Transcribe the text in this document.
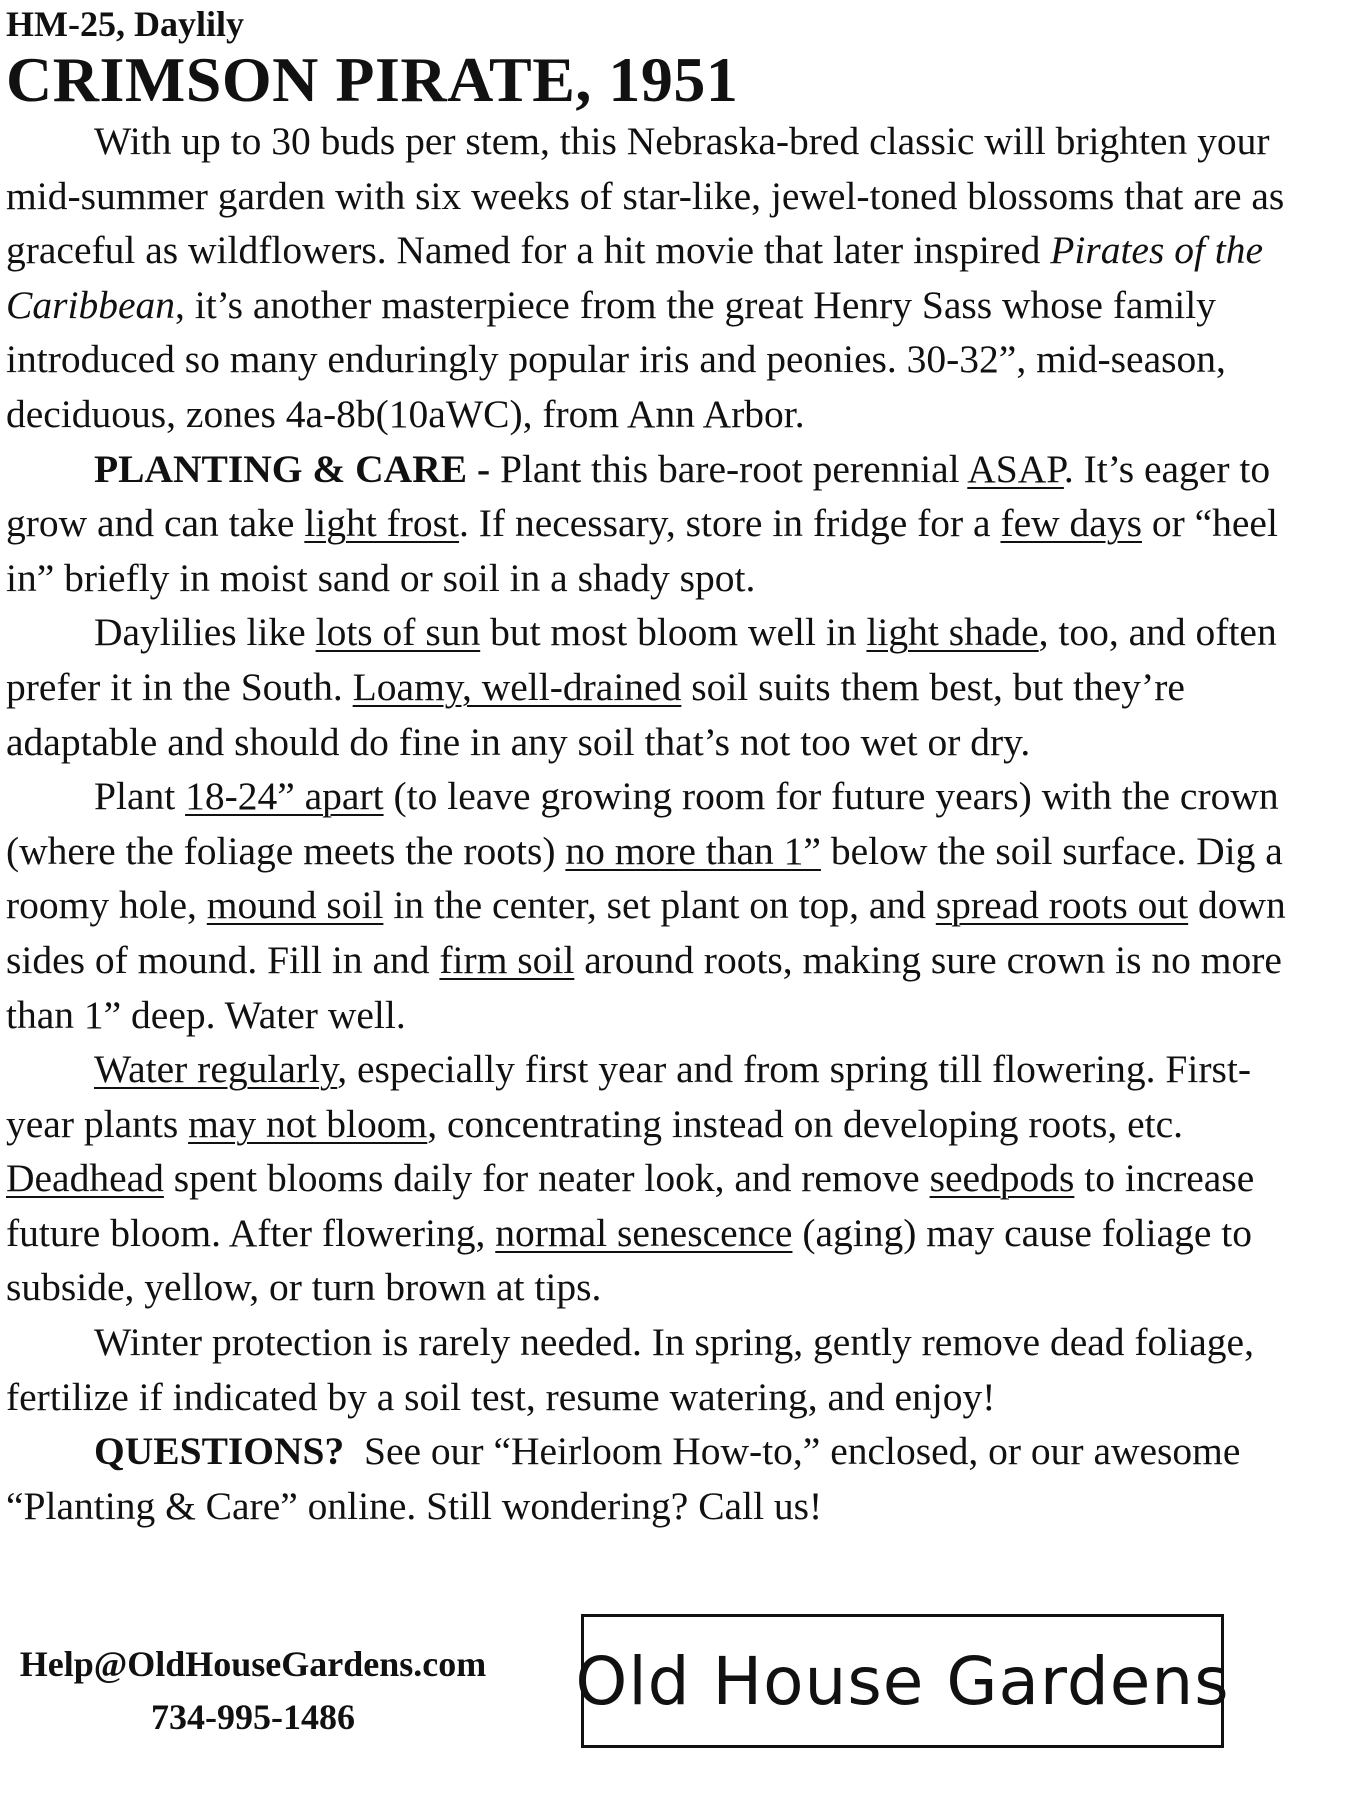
HM-25, Daylily

CRIMSON PIRATE, 1951

With up to 30 buds per stem, this Nebraska-bred classic will brighten your mid-summer garden with six weeks of star-like, jewel-toned blossoms that are as graceful as wildflowers. Named for a hit movie that later inspired Pirates of the Caribbean, it’s another masterpiece from the great Henry Sass whose family introduced so many enduringly popular iris and peonies. 30-32”, mid-season, deciduous, zones 4a-8b(10aWC), from Ann Arbor.

PLANTING & CARE - Plant this bare-root perennial ASAP. It’s eager to grow and can take light frost. If necessary, store in fridge for a few days or “heel in” briefly in moist sand or soil in a shady spot.

Daylilies like lots of sun but most bloom well in light shade, too, and often prefer it in the South. Loamy, well-drained soil suits them best, but they’re adaptable and should do fine in any soil that’s not too wet or dry.

Plant 18-24” apart (to leave growing room for future years) with the crown (where the foliage meets the roots) no more than 1” below the soil surface. Dig a roomy hole, mound soil in the center, set plant on top, and spread roots out down sides of mound. Fill in and firm soil around roots, making sure crown is no more than 1” deep. Water well.

Water regularly, especially first year and from spring till flowering. First-year plants may not bloom, concentrating instead on developing roots, etc. Deadhead spent blooms daily for neater look, and remove seedpods to increase future bloom. After flowering, normal senescence (aging) may cause foliage to subside, yellow, or turn brown at tips.

Winter protection is rarely needed. In spring, gently remove dead foliage, fertilize if indicated by a soil test, resume watering, and enjoy!

QUESTIONS?  See our “Heirloom How-to,” enclosed, or our awesome “Planting & Care” online. Still wondering? Call us!

Help@OldHouseGardens.com
734-995-1486	Old House Gardens
